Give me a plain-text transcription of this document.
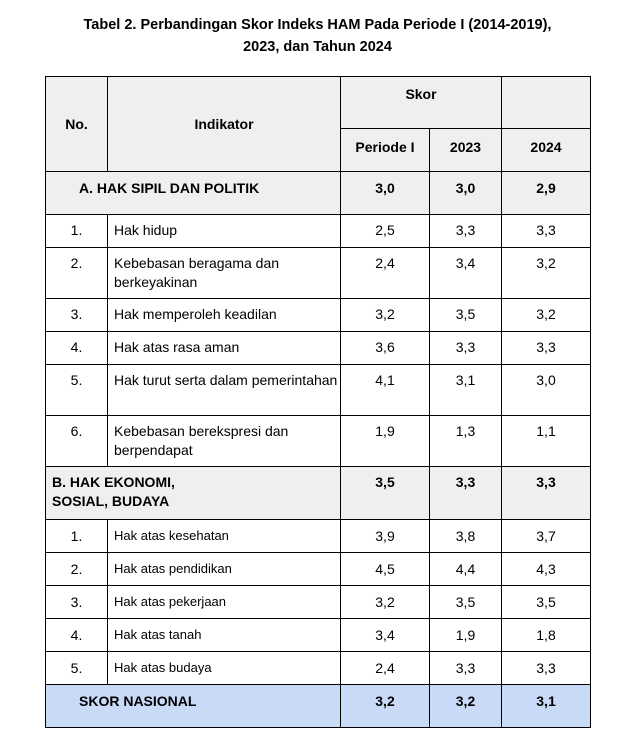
Tabel 2. Perbandingan Skor Indeks HAM Pada Periode I (2014-2019),
2023, dan Tahun 2024
No.	Indikator	Skor		
		Periode I	2023	2024
A. HAK SIPIL DAN POLITIK		3,0	3,0	2,9
1.	Hak hidup	2,5	3,3	3,3
2.	Kebebasan beragama dan berkeyakinan	2,4	3,4	3,2
3.	Hak memperoleh keadilan	3,2	3,5	3,2
4.	Hak atas rasa aman	3,6	3,3	3,3
5.	Hak turut serta dalam pemerintahan	4,1	3,1	3,0
6.	Kebebasan berekspresi dan berpendapat	1,9	1,3	1,1
B. HAK EKONOMI, SOSIAL, BUDAYA		3,5	3,3	3,3
1.	Hak atas kesehatan	3,9	3,8	3,7
2.	Hak atas pendidikan	4,5	4,4	4,3
3.	Hak atas pekerjaan	3,2	3,5	3,5
4.	Hak atas tanah	3,4	1,9	1,8
5.	Hak atas budaya	2,4	3,3	3,3
SKOR NASIONAL		3,2	3,2	3,1
